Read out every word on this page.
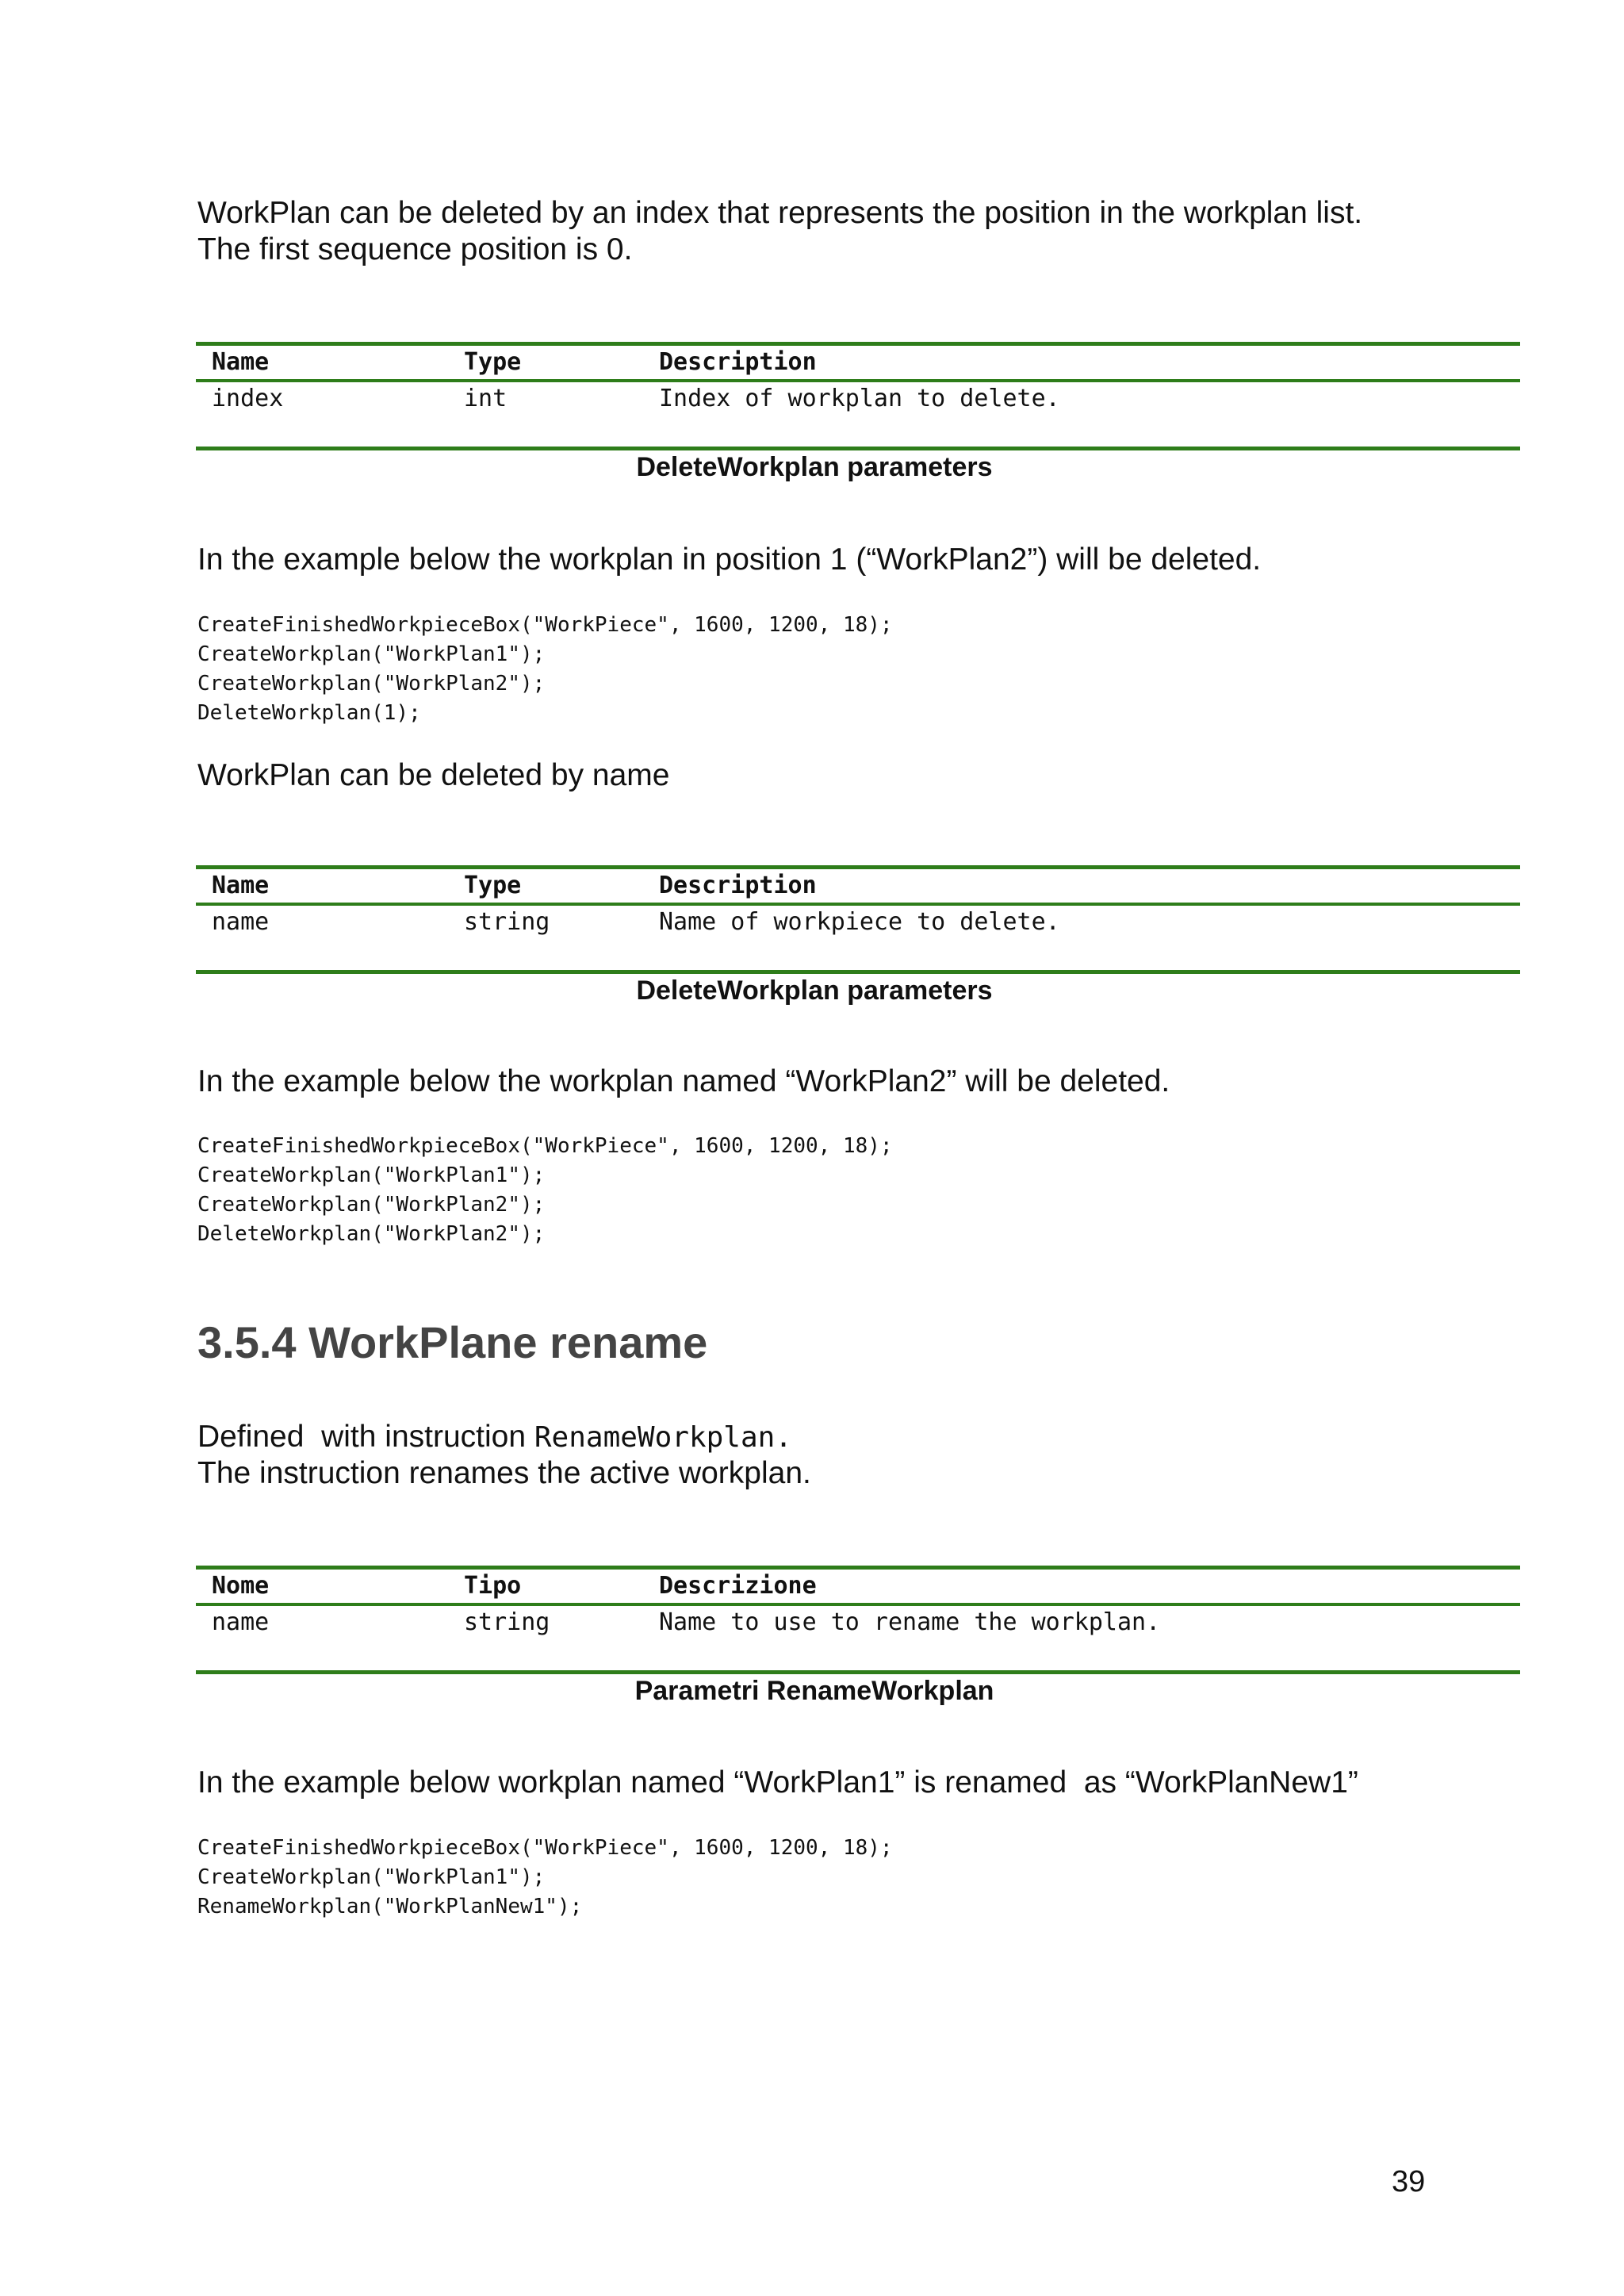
WorkPlan can be deleted by an index that represents the position in the workplan list.

The first sequence position is 0.

Name	Type	Description
index	int	Index of workplan to delete.
DeleteWorkplan parameters

In the example below the workplan in position 1 (“WorkPlan2”) will be deleted.

CreateFinishedWorkpieceBox("WorkPiece", 1600, 1200, 18);
CreateWorkplan("WorkPlan1");
CreateWorkplan("WorkPlan2");
DeleteWorkplan(1);

WorkPlan can be deleted by name

Name	Type	Description
name	string	Name of workpiece to delete.
DeleteWorkplan parameters

In the example below the workplan named “WorkPlan2” will be deleted.

CreateFinishedWorkpieceBox("WorkPiece", 1600, 1200, 18);
CreateWorkplan("WorkPlan1");
CreateWorkplan("WorkPlan2");
DeleteWorkplan("WorkPlan2");
3.5.4 WorkPlane rename

Defined  with instruction RenameWorkplan.

The instruction renames the active workplan.

Nome	Tipo	Descrizione
name	string	Name to use to rename the workplan.
Parametri RenameWorkplan

In the example below workplan named “WorkPlan1” is renamed  as “WorkPlanNew1”

CreateFinishedWorkpieceBox("WorkPiece", 1600, 1200, 18);
CreateWorkplan("WorkPlan1");
RenameWorkplan("WorkPlanNew1");
39
